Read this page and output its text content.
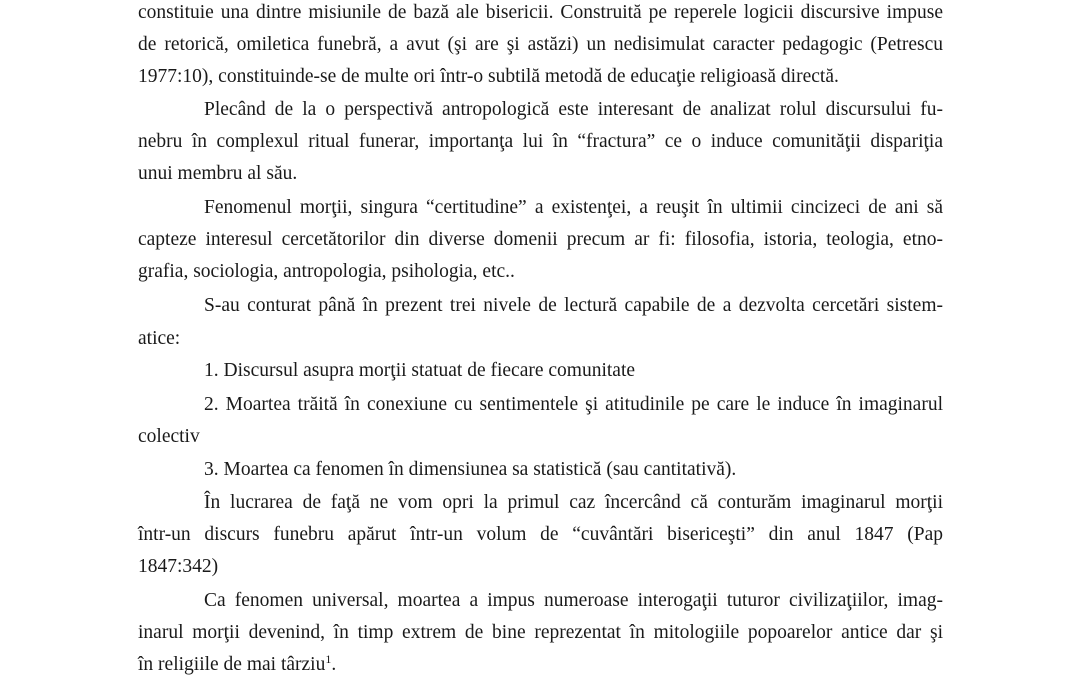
constituie una dintre misiunile de bază ale bisericii. Construită pe reperele logicii discursive impuse

de retorică, omiletica funebră, a avut (şi are şi astăzi) un nedisimulat caracter pedagogic (Petrescu

1977:10), constituinde-se de multe ori într-o subtilă metodă de educaţie religioasă directă.

Plecând de la o perspectivă antropologică este interesant de analizat rolul discursului fu-

nebru în complexul ritual funerar, importanţa lui în “fractura” ce o induce comunităţii dispariţia

unui membru al său.

Fenomenul morţii, singura “certitudine” a existenţei, a reuşit în ultimii cincizeci de ani să

capteze interesul cercetătorilor din diverse domenii precum ar fi: filosofia, istoria, teologia, etno-

grafia, sociologia, antropologia, psihologia, etc..

S-au conturat până în prezent trei nivele de lectură capabile de a dezvolta cercetări sistem-

atice:

1. Discursul asupra morţii statuat de fiecare comunitate

2. Moartea trăită în conexiune cu sentimentele şi atitudinile pe care le induce în imaginarul

colectiv

3. Moartea ca fenomen în dimensiunea sa statistică (sau cantitativă).

În lucrarea de faţă ne vom opri la primul caz încercând că conturăm imaginarul morţii

într-un discurs funebru apărut într-un volum de “cuvântări bisericeşti” din anul 1847 (Pap

1847:342)

Ca fenomen universal, moartea a impus numeroase interogaţii tuturor civilizaţiilor, imag-

inarul morţii devenind, în timp extrem de bine reprezentat în mitologiile popoarelor antice dar şi

în religiile de mai târziu$^1$.
